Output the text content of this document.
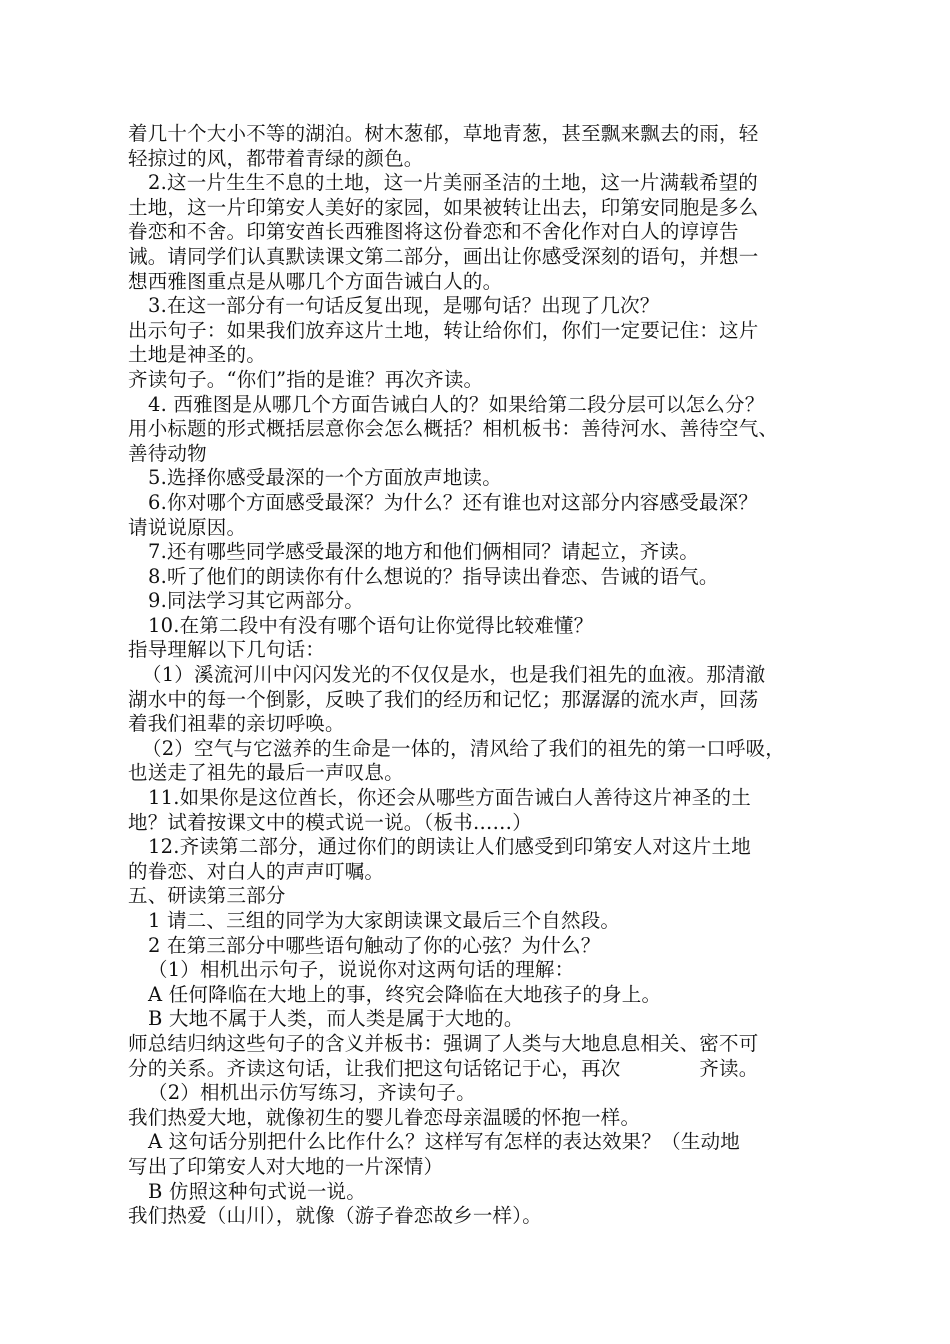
着几十个大小不等的湖泊。树木葱郁，草地青葱，甚至飘来飘去的雨，轻
轻掠过的风，都带着青绿的颜色。
2.这一片生生不息的土地，这一片美丽圣洁的土地，这一片满载希望的
土地，这一片印第安人美好的家园，如果被转让出去，印第安同胞是多么
眷恋和不舍。印第安酋长西雅图将这份眷恋和不舍化作对白人的谆谆告
诫。请同学们认真默读课文第二部分，画出让你感受深刻的语句，并想一
想西雅图重点是从哪几个方面告诫白人的。
3.在这一部分有一句话反复出现，是哪句话？出现了几次？
出示句子：如果我们放弃这片土地，转让给你们，你们一定要记住：这片
土地是神圣的。
齐读句子。“你们”指的是谁？再次齐读。
4. 西雅图是从哪几个方面告诫白人的？如果给第二段分层可以怎么分？
用小标题的形式概括层意你会怎么概括？相机板书：善待河水、善待空气、
善待动物
5.选择你感受最深的一个方面放声地读。
6.你对哪个方面感受最深？为什么？还有谁也对这部分内容感受最深？
请说说原因。
7.还有哪些同学感受最深的地方和他们俩相同？请起立，齐读。
8.听了他们的朗读你有什么想说的？指导读出眷恋、告诫的语气。
9.同法学习其它两部分。
10.在第二段中有没有哪个语句让你觉得比较难懂？
指导理解以下几句话：
（1）溪流河川中闪闪发光的不仅仅是水，也是我们祖先的血液。那清澈
湖水中的每一个倒影，反映了我们的经历和记忆；那潺潺的流水声，回荡
着我们祖辈的亲切呼唤。
（2）空气与它滋养的生命是一体的，清风给了我们的祖先的第一口呼吸，
也送走了祖先的最后一声叹息。
11.如果你是这位酋长，你还会从哪些方面告诫白人善待这片神圣的土
地？试着按课文中的模式说一说。（板书……）
12.齐读第二部分，通过你们的朗读让人们感受到印第安人对这片土地
的眷恋、对白人的声声叮嘱。
五、研读第三部分
1 请二、三组的同学为大家朗读课文最后三个自然段。
2 在第三部分中哪些语句触动了你的心弦？为什么？
（1）相机出示句子，说说你对这两句话的理解：
A 任何降临在大地上的事，终究会降临在大地孩子的身上。
B 大地不属于人类，而人类是属于大地的。
师总结归纳这些句子的含义并板书：强调了人类与大地息息相关、密不可
分的关系。齐读这句话，让我们把这句话铭记于心，再次　　　　齐读。
（2）相机出示仿写练习，齐读句子。
我们热爱大地，就像初生的婴儿眷恋母亲温暖的怀抱一样。
A 这句话分别把什么比作什么？这样写有怎样的表达效果？（生动地
写出了印第安人对大地的一片深情）
B 仿照这种句式说一说。
我们热爱（山川），就像（游子眷恋故乡一样）。
